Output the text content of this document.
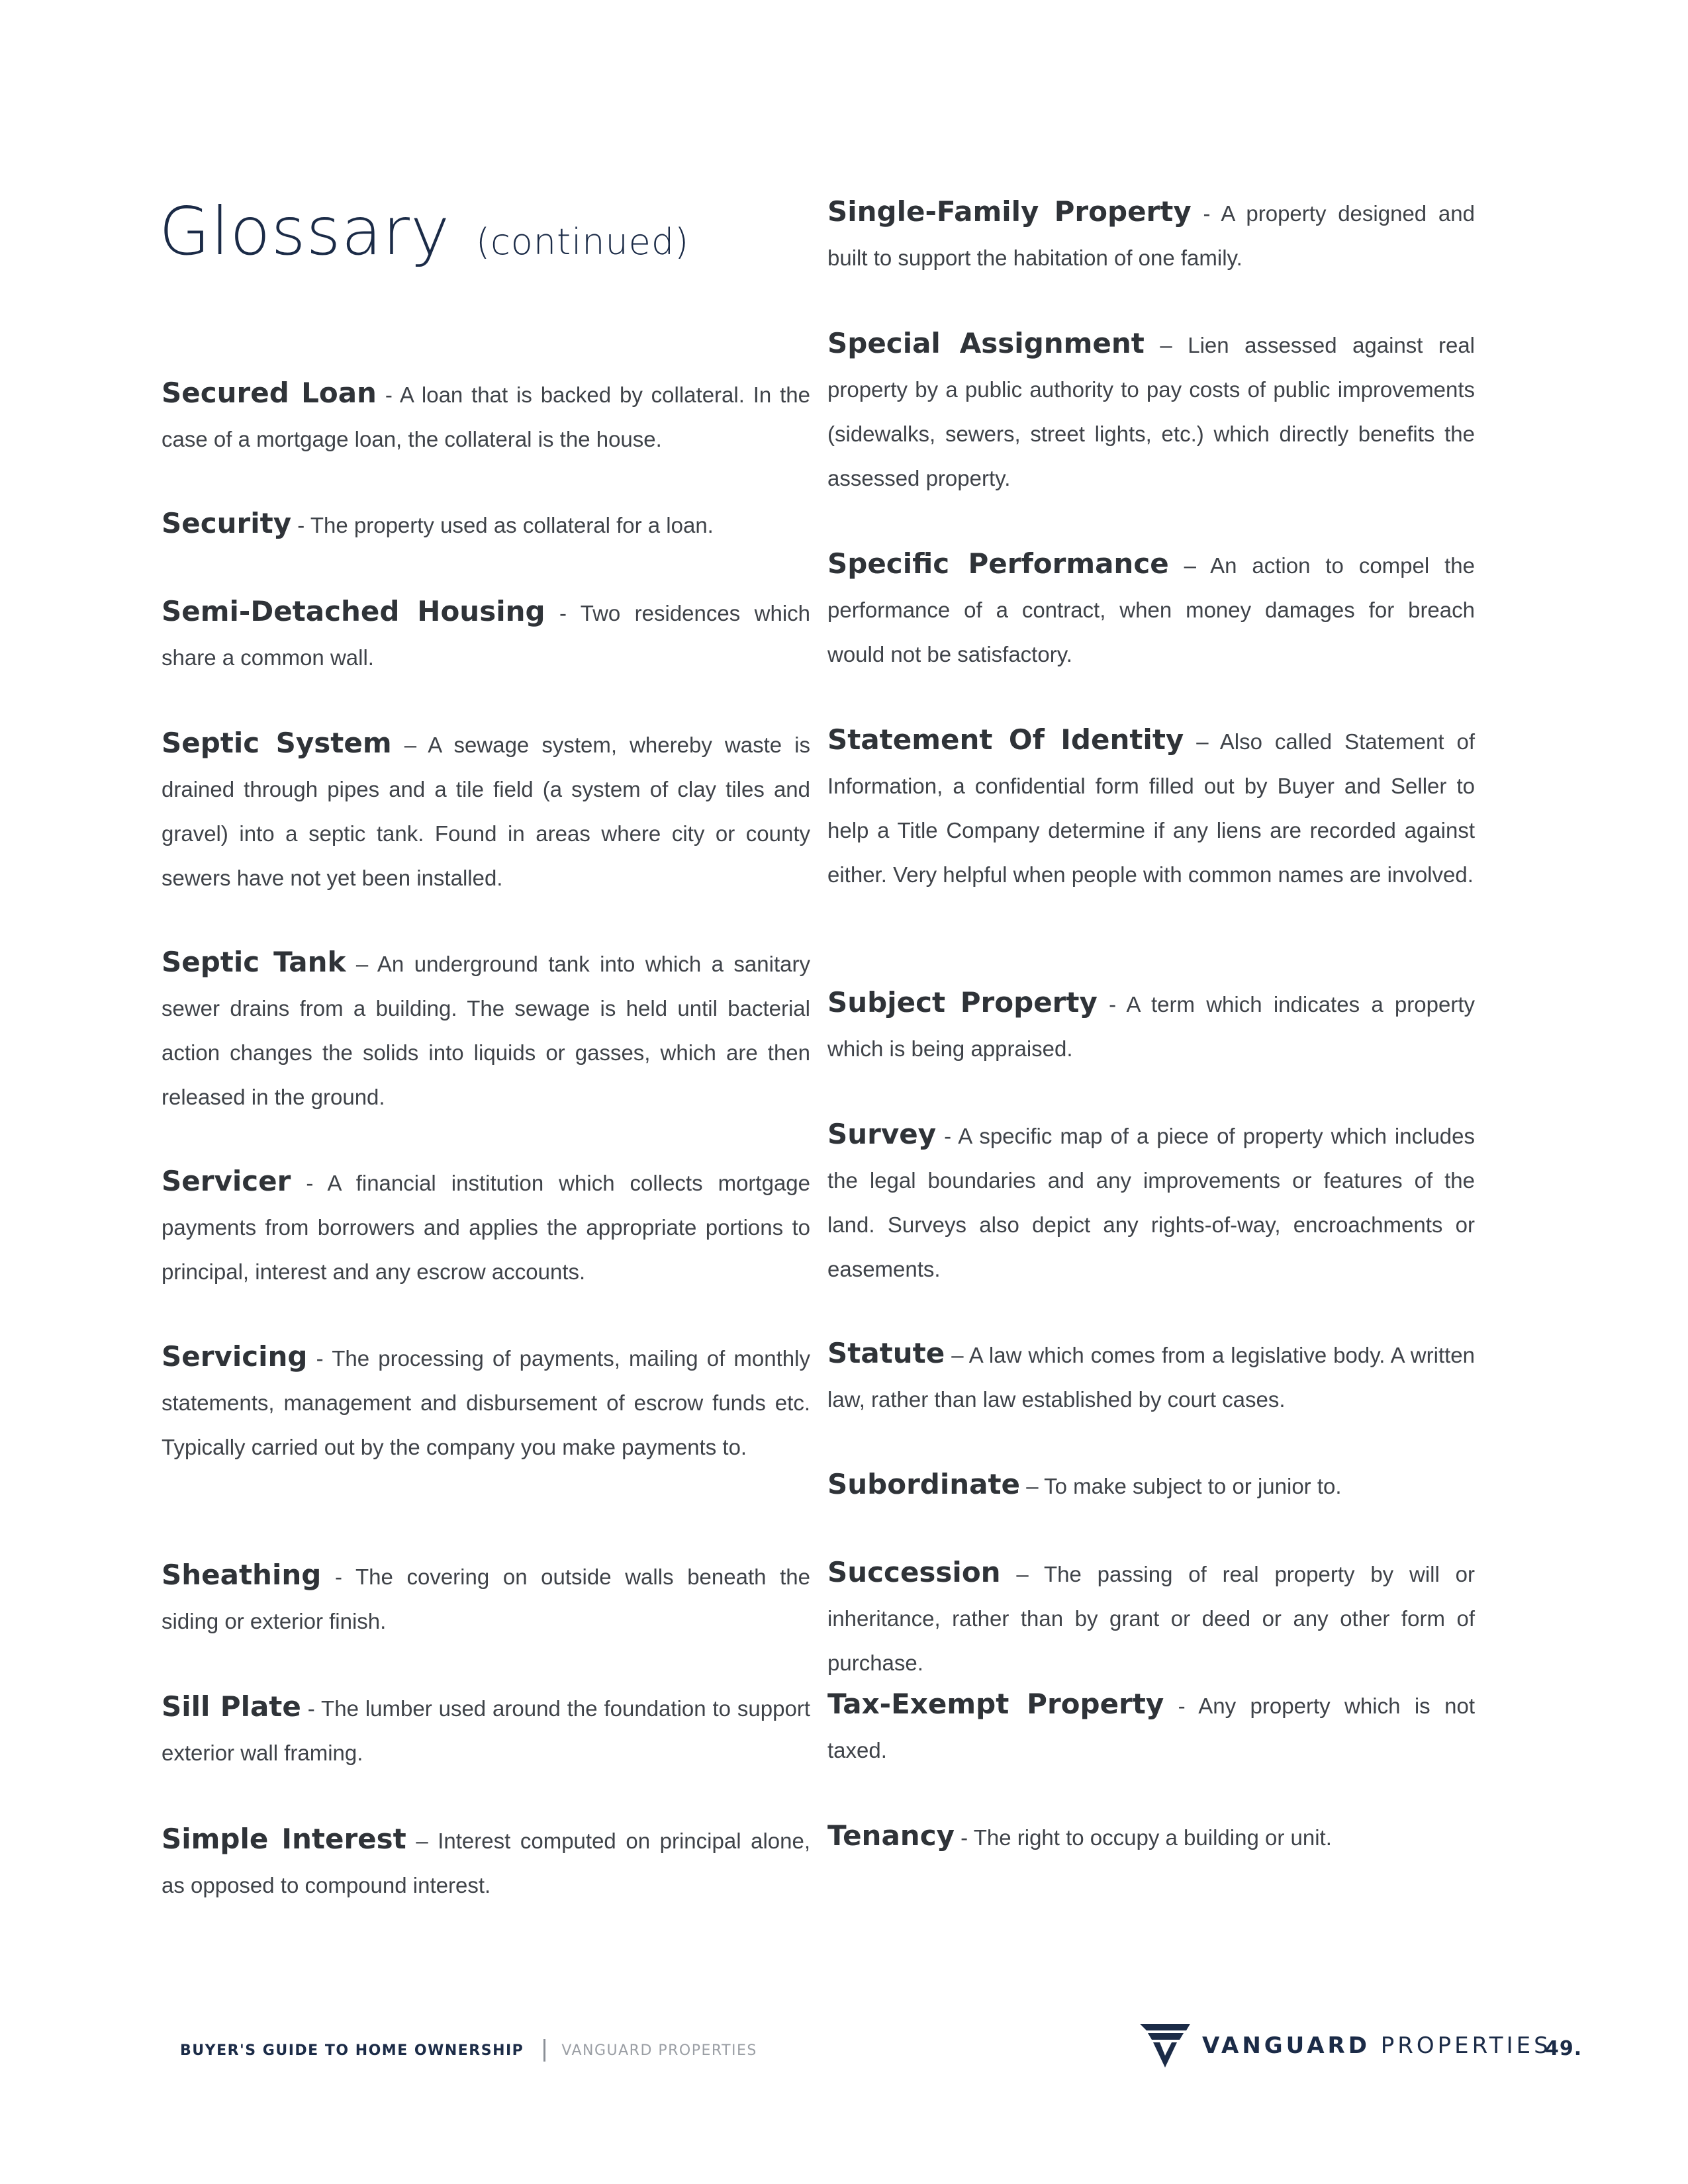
Glossary (continued)

Secured Loan - A loan that is backed by collateral. In the case of a mortgage loan, the collateral is the house.

Security - The property used as collateral for a loan.

Semi-Detached Housing - Two residences which share a common wall.

Septic System – A sewage system, whereby waste is drained through pipes and a tile field (a system of clay tiles and gravel) into a septic tank. Found in areas where city or county sewers have not yet been installed.

Septic Tank – An underground tank into which a sanitary sewer drains from a building. The sewage is held until bacterial action changes the solids into liquids or gasses, which are then released in the ground.

Servicer - A financial institution which collects mortgage payments from borrowers and applies the appropriate portions to principal, interest and any escrow accounts.

Servicing - The processing of payments, mailing of monthly statements, management and disbursement of escrow funds etc. Typically carried out by the company you make payments to.

Sheathing - The covering on outside walls beneath the siding or exterior finish.

Sill Plate - The lumber used around the foundation to support exterior wall framing.

Simple Interest – Interest computed on principal alone, as opposed to compound interest.

Single-Family Property - A property designed and built to support the habitation of one family.

Special Assignment – Lien assessed against real property by a public authority to pay costs of public improvements (sidewalks, sewers, street lights, etc.) which directly benefits the assessed property.

Specific Performance – An action to compel the performance of a contract, when money damages for breach would not be satisfactory.

Statement Of Identity – Also called Statement of Information, a confidential form filled out by Buyer and Seller to help a Title Company determine if any liens are recorded against either. Very helpful when people with common names are involved.

Subject Property - A term which indicates a property which is being appraised.

Survey - A specific map of a piece of property which includes the legal boundaries and any improvements or features of the land. Surveys also depict any rights-of-way, encroachments or easements.

Statute – A law which comes from a legislative body. A written law, rather than law established by court cases.

Subordinate – To make subject to or junior to.

Succession – The passing of real property by will or inheritance, rather than by grant or deed or any other form of purchase.

Tax-Exempt Property - Any property which is not taxed.

Tenancy - The right to occupy a building or unit.

BUYER'S GUIDE TO HOME OWNERSHIP	VANGUARD PROPERTIES	VANGUARD PROPERTIES
49.
